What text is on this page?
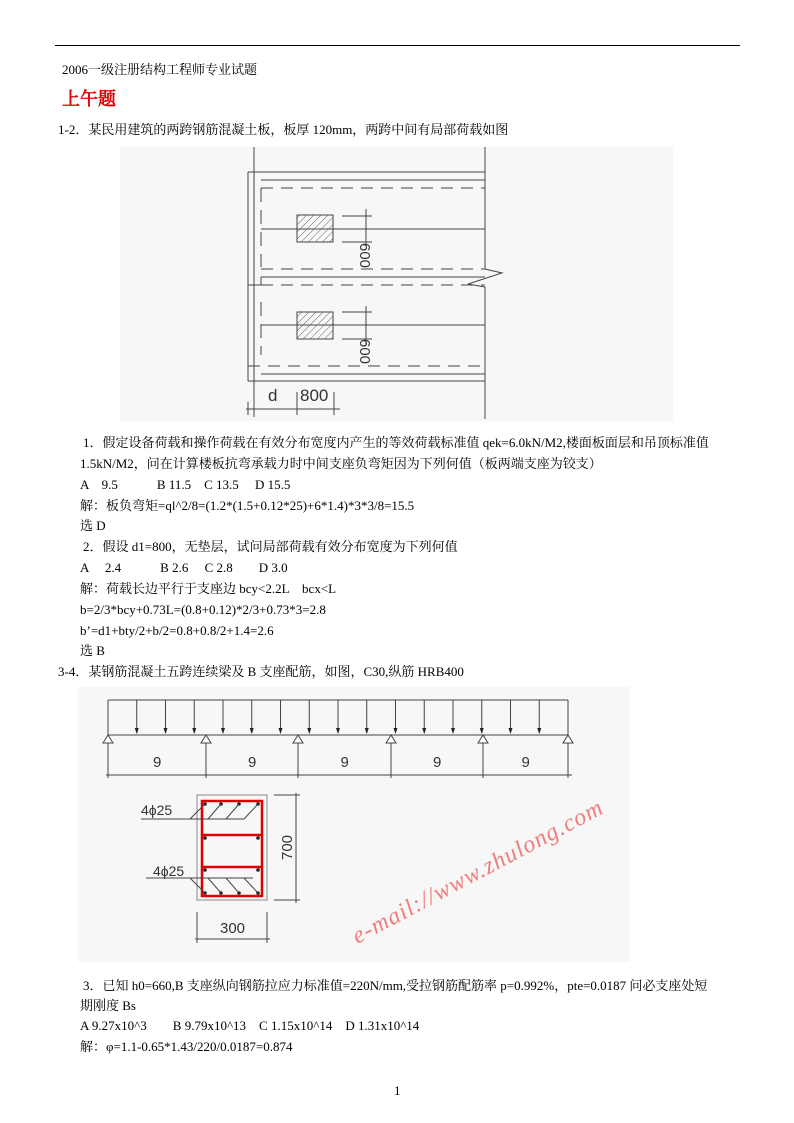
2006一级注册结构工程师专业试题
上午题
1-2．某民用建筑的两跨钢筋混凝土板，板厚 120mm，两跨中间有局部荷载如图
600
600
d 800
1．假定设备荷载和操作荷载在有效分布宽度内产生的等效荷载标准值 qek=6.0kN/M2,楼面板面层和吊顶标准值
1.5kN/M2，问在计算楼板抗弯承载力时中间支座负弯矩因为下列何值（板两端支座为铰支）
A　9.5　　　B 11.5　C 13.5　 D 15.5
解：板负弯矩=ql^2/8=(1.2*(1.5+0.12*25)+6*1.4)*3*3/8=15.5
选 D
2．假设 d1=800，无垫层，试问局部荷载有效分布宽度为下列何值
A　 2.4　　　B 2.6　 C 2.8　　D 3.0
解：荷载长边平行于支座边 bcy<2.2L　bcx<L
b=2/3*bcy+0.73L=(0.8+0.12)*2/3+0.73*3=2.8
b’=d1+bty/2+b/2=0.8+0.8/2+1.4=2.6
选 B
3-4．某钢筋混凝土五跨连续梁及 B 支座配筋，如图，C30,纵筋 HRB400
9	9	9	9	9
4ϕ25
4ϕ25
700
300
3．已知 h0=660,B 支座纵向钢筋拉应力标准值=220N/mm,受拉钢筋配筋率 p=0.992%，pte=0.0187 问必支座处短
期刚度 Bs
A 9.27x10^3　　B 9.79x10^13　C 1.15x10^14　D 1.31x10^14
解：φ=1.1-0.65*1.43/220/0.0187=0.874
1
e-mail://www.zhulong.com
